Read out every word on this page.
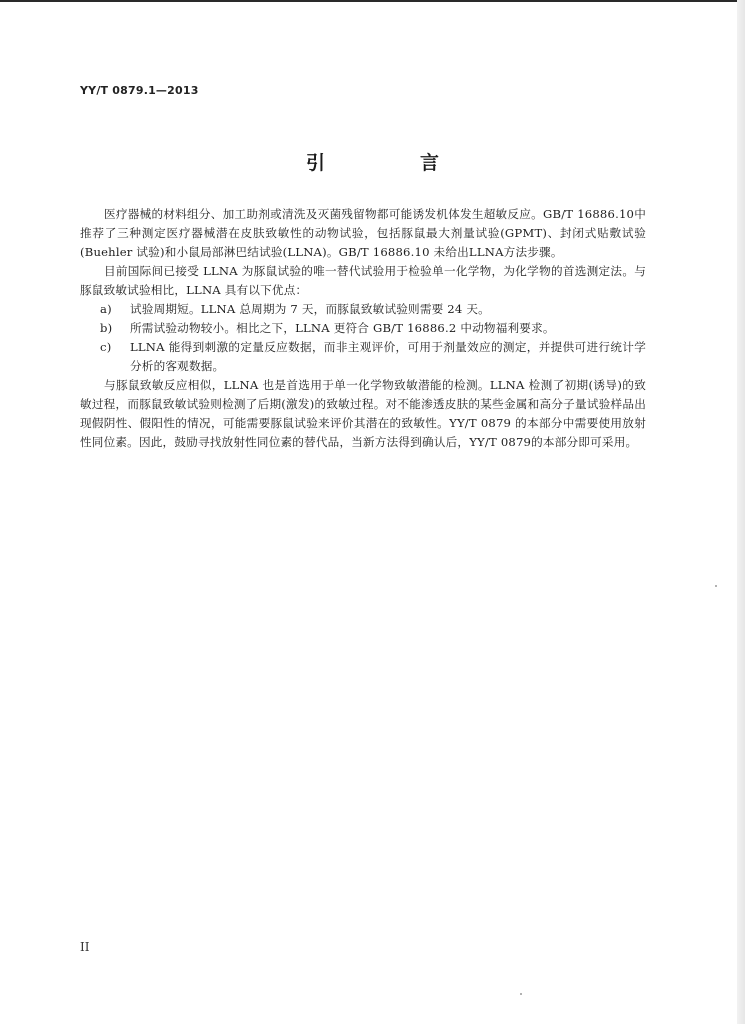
YY/T 0879.1—2013
引　言

医疗器械的材料组分、加工助剂或清洗及灭菌残留物都可能诱发机体发生超敏反应。GB/T 16886.10中推荐了三种测定医疗器械潜在皮肤致敏性的动物试验，包括豚鼠最大剂量试验(GPMT)、封闭式贴敷试验(Buehler 试验)和小鼠局部淋巴结试验(LLNA)。GB/T 16886.10 未给出LLNA方法步骤。

目前国际间已接受 LLNA 为豚鼠试验的唯一替代试验用于检验单一化学物，为化学物的首选测定法。与豚鼠致敏试验相比，LLNA 具有以下优点：

a)	试验周期短。LLNA 总周期为 7 天，而豚鼠致敏试验则需要 24 天。
b)	所需试验动物较小。相比之下，LLNA 更符合 GB/T 16886.2 中动物福利要求。
c)	LLNA 能得到刺激的定量反应数据，而非主观评价，可用于剂量效应的测定，并提供可进行统计学分析的客观数据。

与豚鼠致敏反应相似，LLNA 也是首选用于单一化学物致敏潜能的检测。LLNA 检测了初期(诱导)的致敏过程，而豚鼠致敏试验则检测了后期(激发)的致敏过程。对不能渗透皮肤的某些金属和高分子量试验样品出现假阴性、假阳性的情况，可能需要豚鼠试验来评价其潜在的致敏性。YY/T 0879 的本部分中需要使用放射性同位素。因此，鼓励寻找放射性同位素的替代品，当新方法得到确认后，YY/T 0879的本部分即可采用。

II
